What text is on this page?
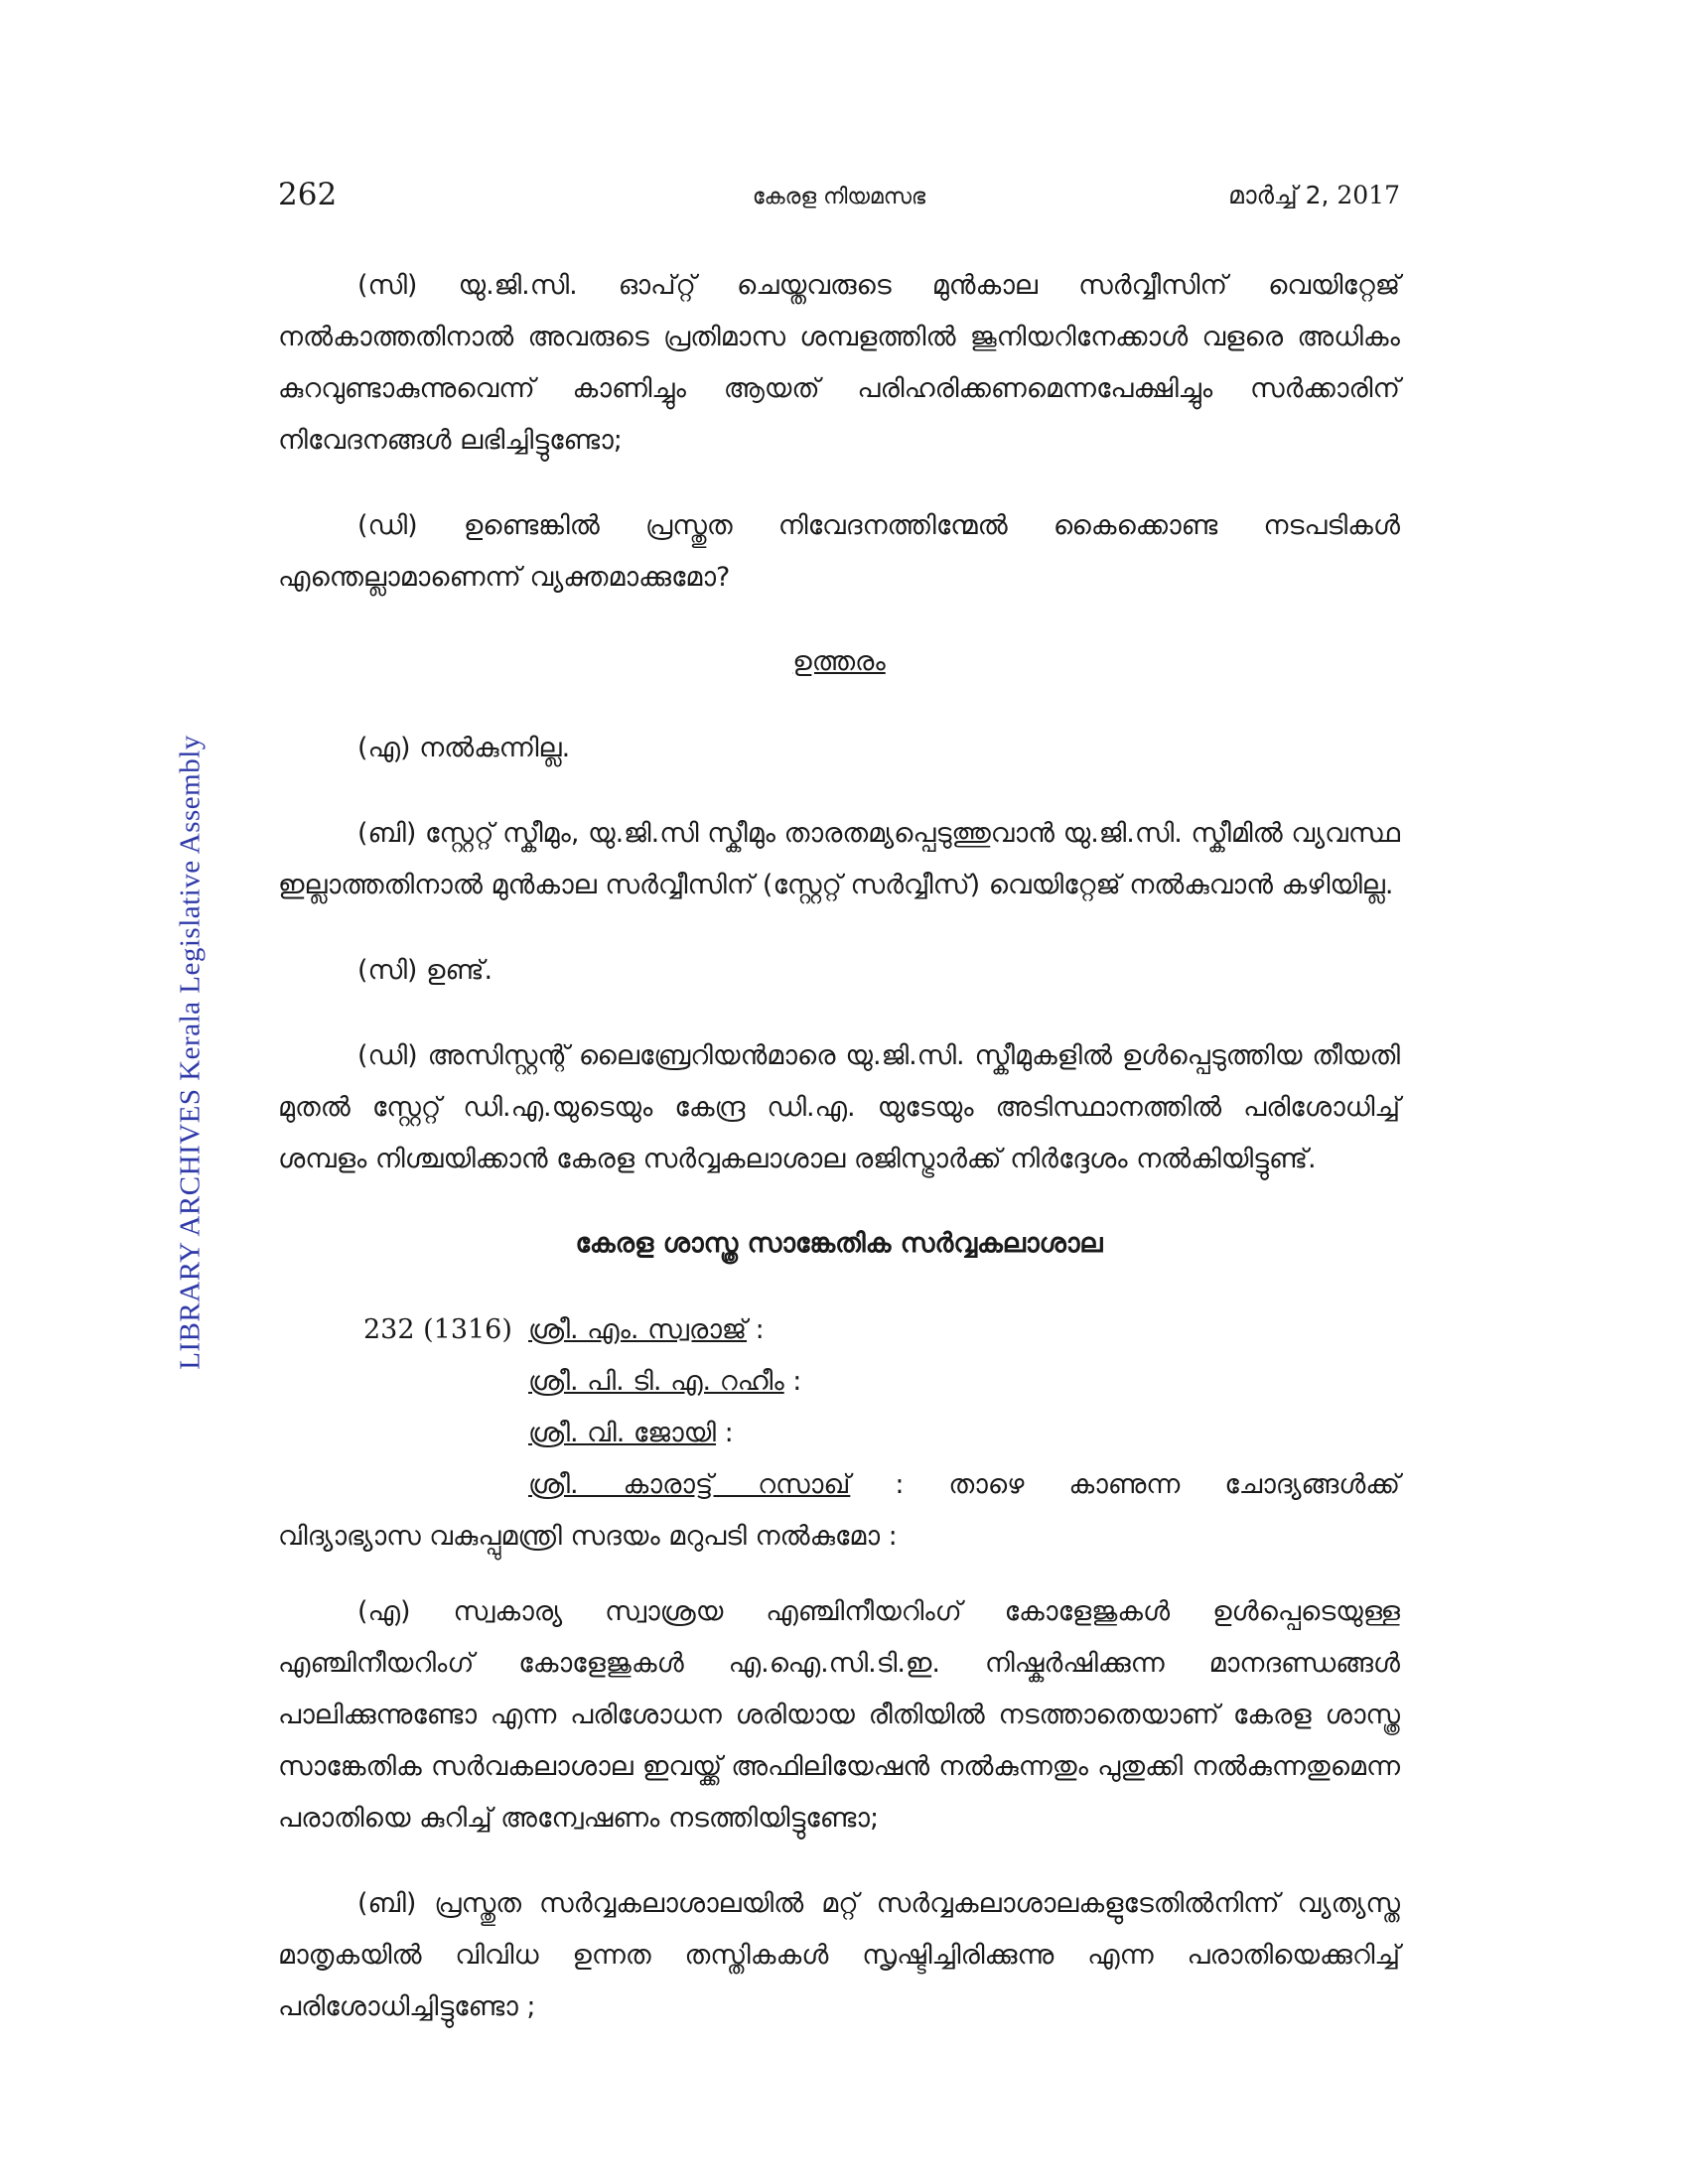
LIBRARY ARCHIVES Kerala Legislative Assembly
262	കേരള നിയമസഭ	മാർച്ച് 2, 2017

(സി) യു.ജി.സി. ഓപ്റ്റ് ചെയ്തവരുടെ മുൻകാല സർവ്വീസിന് വെയിറ്റേജ് നൽകാത്തതിനാൽ അവരുടെ പ്രതിമാസ ശമ്പളത്തിൽ ജൂനിയറിനേക്കാൾ വളരെ അധികം കുറവുണ്ടാകുന്നുവെന്ന് കാണിച്ചും ആയത് പരിഹരിക്കണമെന്നപേക്ഷിച്ചും സർക്കാരിന് നിവേദനങ്ങൾ ലഭിച്ചിട്ടുണ്ടോ;

(ഡി) ഉണ്ടെങ്കിൽ പ്രസ്തുത നിവേദനത്തിന്മേൽ കൈക്കൊണ്ട നടപടികൾ എന്തെല്ലാമാണെന്ന് വ്യക്തമാക്കുമോ?

ഉത്തരം

(എ) നൽകുന്നില്ല.

(ബി) സ്റ്റേറ്റ് സ്കീമും, യു.ജി.സി സ്കീമും താരതമ്യപ്പെടുത്തുവാൻ യു.ജി.സി. സ്കീമിൽ വ്യവസ്ഥ ഇല്ലാത്തതിനാൽ മുൻകാല സർവ്വീസിന് (സ്റ്റേറ്റ് സർവ്വീസ്) വെയിറ്റേജ് നൽകുവാൻ കഴിയില്ല.

(സി) ഉണ്ട്.

(ഡി) അസിസ്റ്റന്റ് ലൈബ്രേറിയൻമാരെ യു.ജി.സി. സ്കീമുകളിൽ ഉൾപ്പെടുത്തിയ തീയതി മുതൽ സ്റ്റേറ്റ് ഡി.എ.യുടെയും കേന്ദ്ര ഡി.എ. യുടേയും അടിസ്ഥാനത്തിൽ പരിശോധിച്ച് ശമ്പളം നിശ്ചയിക്കാൻ കേരള സർവ്വകലാശാല രജിസ്ട്രാർക്ക് നിർദ്ദേശം നൽകിയിട്ടുണ്ട്.

കേരള ശാസ്ത്ര സാങ്കേതിക സർവ്വകലാശാല
232 (1316) ശ്രീ. എം. സ്വരാജ് :
ശ്രീ. പി. ടി. എ. റഹീം :
ശ്രീ. വി. ജോയി :
ശ്രീ. കാരാട്ട് റസാഖ് : താഴെ കാണുന്ന ചോദ്യങ്ങൾക്ക്
വിദ്യാഭ്യാസ വകുപ്പുമന്ത്രി സദയം മറുപടി നൽകുമോ :

(എ) സ്വകാര്യ സ്വാശ്രയ എഞ്ചിനീയറിംഗ് കോളേജുകൾ ഉൾപ്പെടെയുള്ള എഞ്ചിനീയറിംഗ് കോളേജുകൾ എ.ഐ.സി.ടി.ഇ. നിഷ്കർഷിക്കുന്ന മാനദണ്ഡങ്ങൾ പാലിക്കുന്നുണ്ടോ എന്ന പരിശോധന ശരിയായ രീതിയിൽ നടത്താതെയാണ് കേരള ശാസ്ത്ര സാങ്കേതിക സർവകലാശാല ഇവയ്ക്ക് അഫിലിയേഷൻ നൽകുന്നതും പുതുക്കി നൽകുന്നതുമെന്ന പരാതിയെ കുറിച്ച് അന്വേഷണം നടത്തിയിട്ടുണ്ടോ;

(ബി) പ്രസ്തുത സർവ്വകലാശാലയിൽ മറ്റ് സർവ്വകലാശാലകളുടേതിൽനിന്ന് വ്യത്യസ്ത മാതൃകയിൽ വിവിധ ഉന്നത തസ്തികകൾ സൃഷ്ടിച്ചിരിക്കുന്നു എന്ന പരാതിയെക്കുറിച്ച് പരിശോധിച്ചിട്ടുണ്ടോ ;
